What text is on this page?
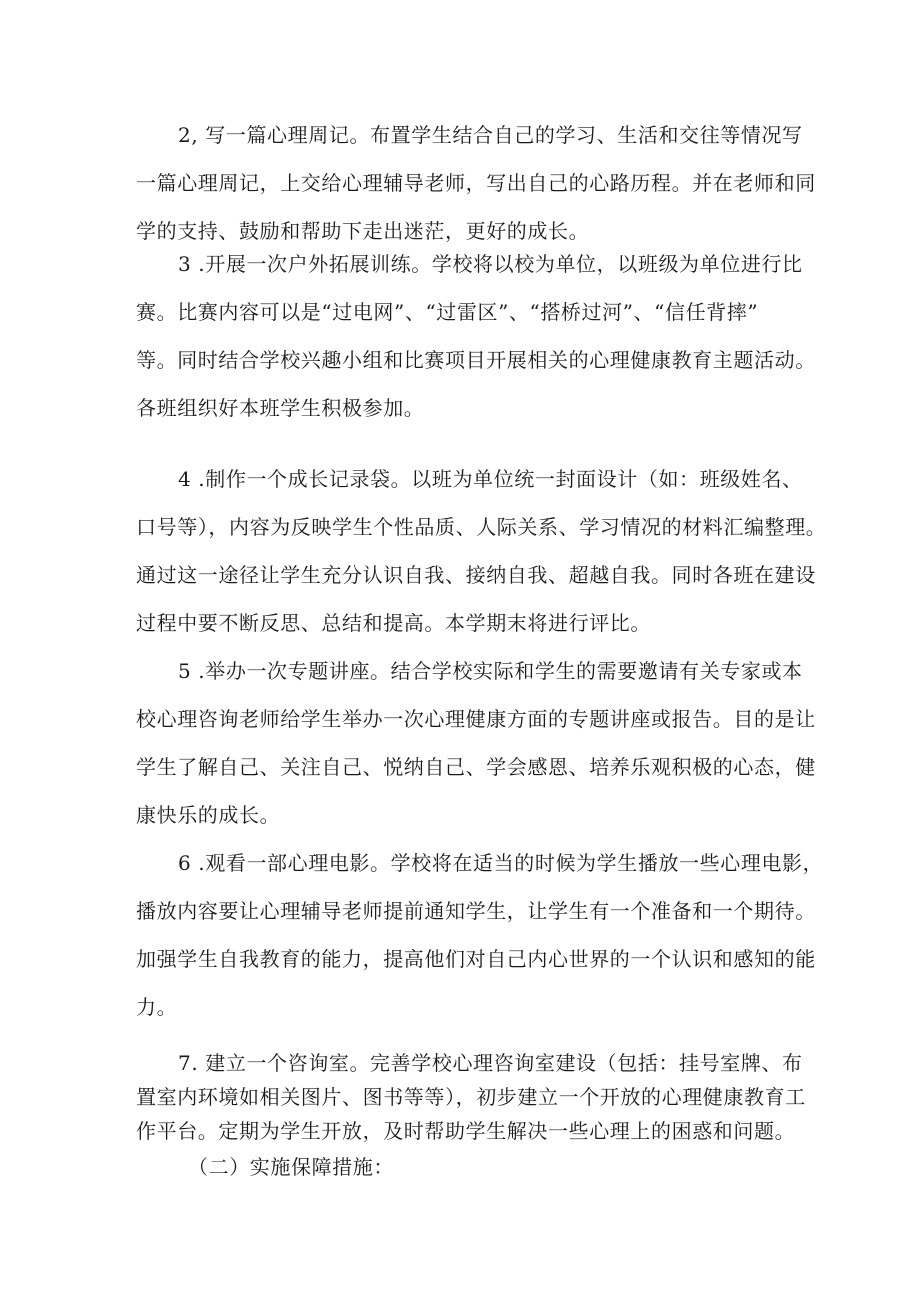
2, 写一篇心理周记。布置学生结合自己的学习、生活和交往等情况写
一篇心理周记，上交给心理辅导老师，写出自己的心路历程。并在老师和同
学的支持、鼓励和帮助下走出迷茫，更好的成长。

3 .开展一次户外拓展训练。学校将以校为单位，以班级为单位进行比
赛。比赛内容可以是“过电网”、“过雷区”、“搭桥过河”、“信任背摔”
等。同时结合学校兴趣小组和比赛项目开展相关的心理健康教育主题活动。
各班组织好本班学生积极参加。

4 .制作一个成长记录袋。以班为单位统一封面设计（如：班级姓名、
口号等），内容为反映学生个性品质、人际关系、学习情况的材料汇编整理。
通过这一途径让学生充分认识自我、接纳自我、超越自我。同时各班在建设
过程中要不断反思、总结和提高。本学期末将进行评比。

5 .举办一次专题讲座。结合学校实际和学生的需要邀请有关专家或本
校心理咨询老师给学生举办一次心理健康方面的专题讲座或报告。目的是让
学生了解自己、关注自己、悦纳自己、学会感恩、培养乐观积极的心态，健
康快乐的成长。

6 .观看一部心理电影。学校将在适当的时候为学生播放一些心理电影，
播放内容要让心理辅导老师提前通知学生，让学生有一个准备和一个期待。
加强学生自我教育的能力，提高他们对自己内心世界的一个认识和感知的能
力。

7. 建立一个咨询室。完善学校心理咨询室建设（包括：挂号室牌、布
置室内环境如相关图片、图书等等），初步建立一个开放的心理健康教育工
作平台。定期为学生开放，及时帮助学生解决一些心理上的困惑和问题。

（二）实施保障措施：
